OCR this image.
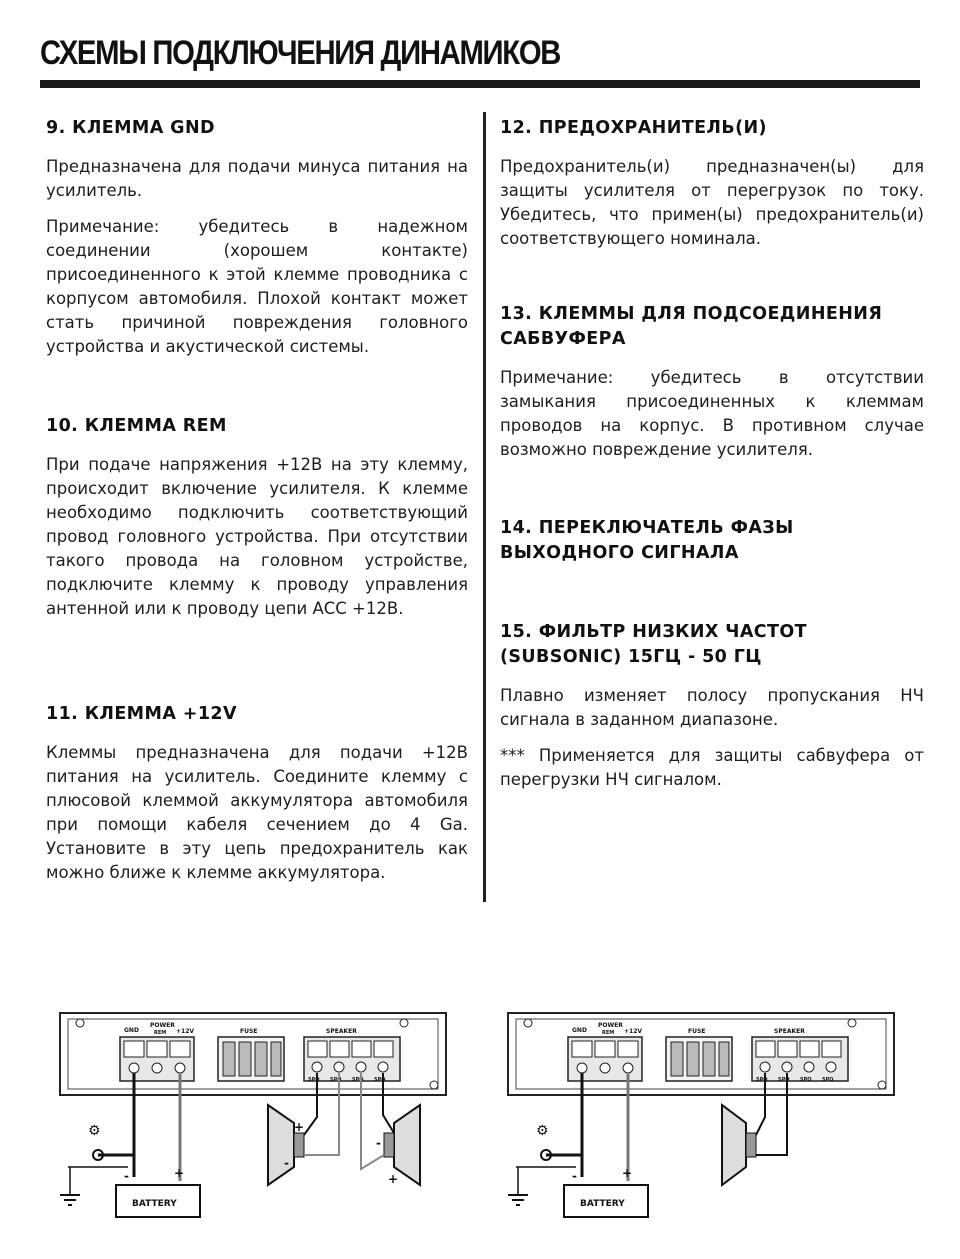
СХЕМЫ ПОДКЛЮЧЕНИЯ ДИНАМИКОВ
9. КЛЕММА GND

Предназначена для подачи минуса питания на усилитель.

Примечание: убедитесь в надежном соединении (хорошем контакте) присоединенного к этой клемме проводника с корпусом автомобиля. Плохой контакт может стать причиной повреждения головного устройства и акустической системы.

10. КЛЕММА REM

При подаче напряжения +12В на эту клемму, происходит включение усилителя. К клемме необходимо подключить соответствующий провод головного устройства. При отсутствии такого провода на головном устройстве, подключите клемму к проводу управления антенной или к проводу цепи АСС +12В.

11. КЛЕММА +12V

Клеммы предназначена для подачи +12В питания на усилитель. Соедините клемму с плюсовой клеммой аккумулятора автомобиля при помощи кабеля сечением до 4 Ga. Установите в эту цепь предохранитель как можно ближе к клемме аккумулятора.

12. ПРЕДОХРАНИТЕЛЬ(И)

Предохранитель(и) предназначен(ы) для защиты усилителя от перегрузок по току. Убедитесь, что примен(ы) предохранитель(и) соответствующего номинала.

13. КЛЕММЫ ДЛЯ ПОДСОЕДИНЕНИЯ САБВУФЕРА

Примечание: убедитесь в отсутствии замыкания присоединенных к клеммам проводов на корпус. В противном случае возможно повреждение усилителя.

14. ПЕРЕКЛЮЧАТЕЛЬ ФАЗЫ ВЫХОДНОГО СИГНАЛА
15. ФИЛЬТР НИЗКИХ ЧАСТОТ (SUBSONIC) 15ГЦ - 50 ГЦ

Плавно изменяет полосу пропускания НЧ сигнала в заданном диапазоне.

*** Применяется для защиты сабвуфера от перегрузки НЧ сигналом.

GND
POWER
REM +12V	FUSE	SPEAKER
SPO SPO SPO SPO
⚙
-	+
BATTERY
+
-
-
+
GND
POWER
REM +12V	FUSE	SPEAKER
SPO SPO SPO SPO
⚙
-	+
BATTERY
